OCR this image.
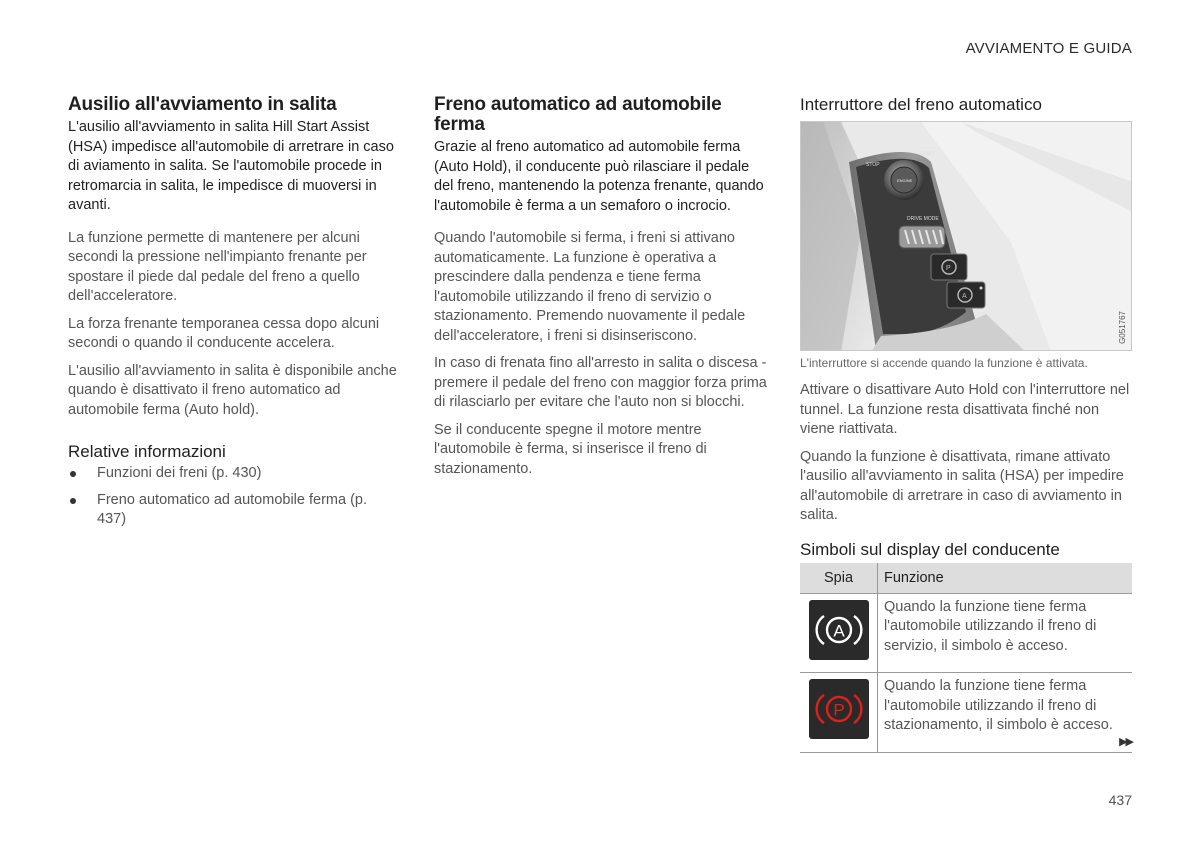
AVVIAMENTO E GUIDA
Ausilio all'avviamento in salita

L'ausilio all'avviamento in salita Hill Start Assist (HSA) impedisce all'automobile di arretrare in caso di aviamento in salita. Se l'automobile procede in retromarcia in salita, le impedisce di muoversi in avanti.

La funzione permette di mantenere per alcuni secondi la pressione nell'impianto frenante per spostare il piede dal pedale del freno a quello dell'acceleratore.

La forza frenante temporanea cessa dopo alcuni secondi o quando il conducente accelera.

L'ausilio all'avviamento in salita è disponibile anche quando è disattivato il freno automatico ad automobile ferma (Auto hold).

Relative informazioni
Funzioni dei freni (p. 430)
Freno automatico ad automobile ferma (p. 437)
Freno automatico ad automobile ferma

Grazie al freno automatico ad automobile ferma (Auto Hold), il conducente può rilasciare il pedale del freno, mantenendo la potenza frenante, quando l'automobile è ferma a un semaforo o incrocio.

Quando l'automobile si ferma, i freni si attivano automaticamente. La funzione è operativa a prescindere dalla pendenza e tiene ferma l'automobile utilizzando il freno di servizio o stazionamento. Premendo nuovamente il pedale dell'acceleratore, i freni si disinseriscono.

In caso di frenata fino all'arresto in salita o discesa - premere il pedale del freno con maggior forza prima di rilasciarlo per evitare che l'auto non si blocchi.

Se il conducente spegne il motore mentre l'automobile è ferma, si inserisce il freno di stazionamento.

Interruttore del freno automatico
STOP
START
ENGINE
DRIVE MODE
P
A
G051767
L'interruttore si accende quando la funzione è attivata.

Attivare o disattivare Auto Hold con l'interruttore nel tunnel. La funzione resta disattivata finché non viene riattivata.

Quando la funzione è disattivata, rimane attivato l'ausilio all'avviamento in salita (HSA) per impedire all'automobile di arretrare in caso di avviamento in salita.

Simboli sul display del conducente
Spia	Funzione

A	Quando la funzione tiene ferma l'automobile utilizzando il freno di servizio, il simbolo è acceso.

P	Quando la funzione tiene ferma l'automobile utilizzando il freno di stazionamento, il simbolo è acceso.
▶▶
437
